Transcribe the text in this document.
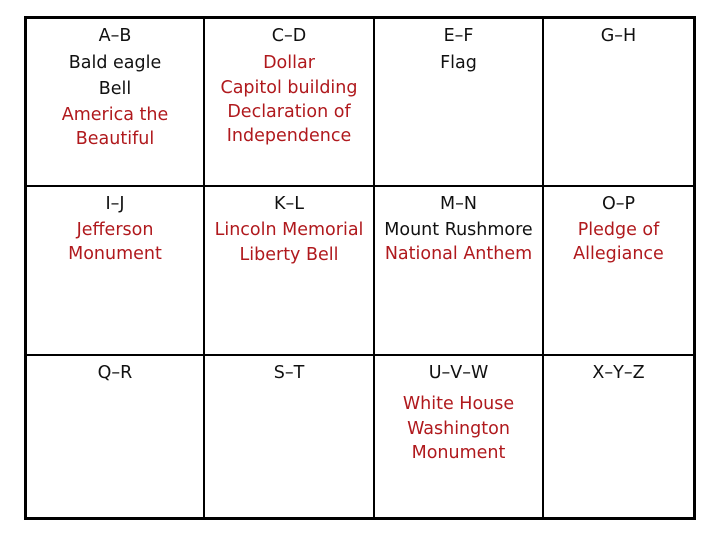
A–B
Bald eagle
Bell
America the Beautiful
C–D
Dollar
Capitol building
Declaration of Independence
E–F
Flag
G–H
I–J
Jefferson Monument
K–L
Lincoln Memorial
Liberty Bell
M–N
Mount Rushmore
National Anthem
O–P
Pledge of Allegiance
Q–R	S–T	U–V–W
White House
Washington Monument
X–Y–Z
